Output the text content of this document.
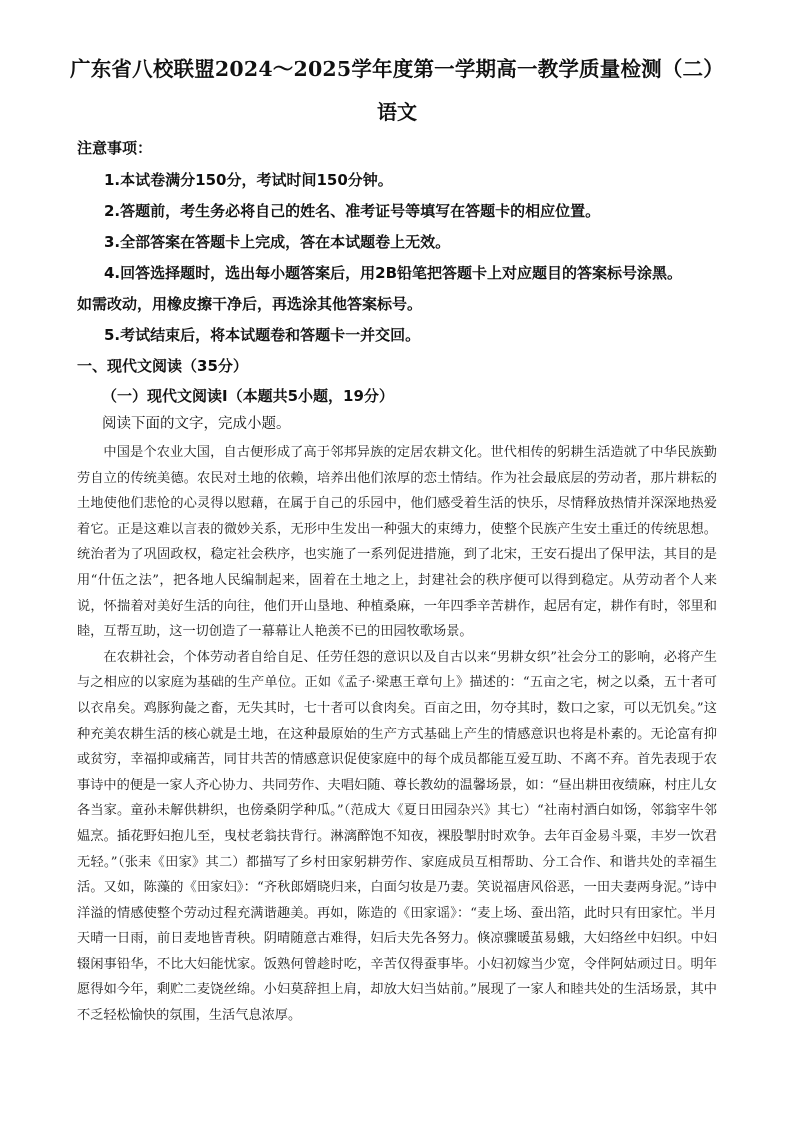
广东省八校联盟2024～2025学年度第一学期高一教学质量检测（二）
语文
注意事项：
1.本试卷满分150分，考试时间150分钟。
2.答题前，考生务必将自己的姓名、准考证号等填写在答题卡的相应位置。
3.全部答案在答题卡上完成，答在本试题卷上无效。
4.回答选择题时，选出每小题答案后，用2B铅笔把答题卡上对应题目的答案标号涂黑。
如需改动，用橡皮擦干净后，再选涂其他答案标号。
5.考试结束后，将本试题卷和答题卡一并交回。
一、现代文阅读（35分）
（一）现代文阅读I（本题共5小题，19分）
阅读下面的文字，完成小题。

中国是个农业大国，自古便形成了高于邻邦异族的定居农耕文化。世代相传的躬耕生活造就了中华民族勤劳自立的传统美德。农民对土地的依赖，培养出他们浓厚的恋土情结。作为社会最底层的劳动者，那片耕耘的土地使他们悲怆的心灵得以慰藉，在属于自己的乐园中，他们感受着生活的快乐，尽情释放热情并深深地热爱着它。正是这难以言表的微妙关系，无形中生发出一种强大的束缚力，使整个民族产生安土重迁的传统思想。统治者为了巩固政权，稳定社会秩序，也实施了一系列促进措施，到了北宋，王安石提出了保甲法，其目的是用“什伍之法”，把各地人民编制起来，固着在土地之上，封建社会的秩序便可以得到稳定。从劳动者个人来说，怀揣着对美好生活的向往，他们开山垦地、种植桑麻，一年四季辛苦耕作，起居有定，耕作有时，邻里和睦，互帮互助，这一切创造了一幕幕让人艳羡不已的田园牧歌场景。

在农耕社会，个体劳动者自给自足、任劳任怨的意识以及自古以来“男耕女织”社会分工的影响，必将产生与之相应的以家庭为基础的生产单位。正如《孟子·梁惠王章句上》描述的：“五亩之宅，树之以桑，五十者可以衣帛矣。鸡豚狗彘之畜，无失其时，七十者可以食肉矣。百亩之田，勿夺其时，数口之家，可以无饥矣。”这种充美农耕生活的核心就是土地，在这种最原始的生产方式基础上产生的情感意识也将是朴素的。无论富有抑或贫穷，幸福抑或痛苦，同甘共苦的情感意识促使家庭中的每个成员都能互爱互助、不离不弃。首先表现于农事诗中的便是一家人齐心协力、共同劳作、夫唱妇随、尊长教幼的温馨场景，如：“昼出耕田夜绩麻，村庄儿女各当家。童孙未解供耕织，也傍桑阴学种瓜。”（范成大《夏日田园杂兴》其七）“社南村酒白如饧，邻翁宰牛邻媪烹。插花野妇抱儿至，曳杖老翁扶背行。淋漓醉饱不知夜，裸股掣肘时欢争。去年百金易斗粟，丰岁一饮君无轻。”（张耒《田家》其二）都描写了乡村田家躬耕劳作、家庭成员互相帮助、分工合作、和谐共处的幸福生活。又如，陈藻的《田家妇》：“齐秋郎婿晓归来，白面匀妆是乃妻。笑说福唐风俗恶，一田夫妻两身泥。”诗中洋溢的情感使整个劳动过程充满谐趣美。再如，陈造的《田家谣》：“麦上场、蚕出箔，此时只有田家忙。半月天晴一日雨，前日麦地皆青秧。阴晴随意古难得，妇后夫先各努力。倏凉骤暖茧易蛾，大妇络丝中妇织。中妇辍闲事铅华，不比大妇能忧家。饭熟何曾趁时吃，辛苦仅得蚕事毕。小妇初嫁当少宽，令伴阿姑顽过日。明年愿得如今年，剩贮二麦饶丝绵。小妇莫辞担上肩，却放大妇当姑前。”展现了一家人和睦共处的生活场景，其中不乏轻松愉快的氛围，生活气息浓厚。
